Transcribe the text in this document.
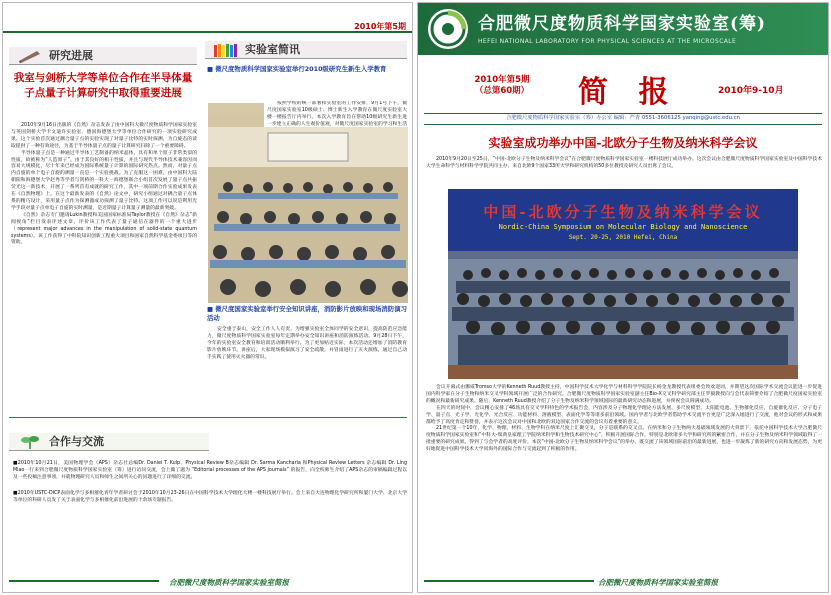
2010年第5期
研究进展
我室与剑桥大学等单位合作在半导体量子点量子计算研究中取得重要进展

2010年9月16日出版的《自然》杂志发表了由中国科大微尺度物质科学国家实验室与英国剑桥大学卡文迪许实验室、德国海德堡大学等单位合作研究的一项实验研究成果。这个实验首次通过耦合量子点的实验实现了对量子比特的实时探测，为自旋态的读取提供了一种有效途径，为基于半导体量子点的量子计算研究扫除了一个重要障碍。

半导体量子点是一种通过半导体工艺制备的纳米晶体，具有和单个原子非常类似的性质，故被称为“人造原子”。由于其良好的相干性质，并且与现代半导体技术兼容因而容易大规模化，尽十年来已经成为国际系统量子计算的国际研究热点。然而，对量子点内自旋的单个电子自旋的测量一直是一个实验挑战。为了克服这一困难，由中国科大陆朝阳和海德堡大学赵秀等学者与剑桥的一科大一海德堡联合小组首次发展了量子点共振荧光这一新技术，开展了一系列首有成就的研究工作，其中一项前期合作实验成果发表在《自然物理》上。在这个最新发表的《自然》论文中，研究小组通过对耦合量子点体系的精巧设计，采用量子点作为探测器成功探测了量子比特。这项工作可以说是利用光学手段对量子点单电子自旋的实时测量，是近期量子计算量子测量的最新突破。

《自然》杂志专门邀请Lukin教授和美国国家标准局Taylor教授在《自然》杂志“新闻视角”栏目发表评述文章，评价该工作代表了量子通信在器件的一个重大进步（represent major advances in the manipulation of solid-state quantum systems）。该工作获得了中科院知识创新工程重大项目和国家自然科学基金委项目等的资助。

实验室简讯
■ 微尺度物质科学国家实验室举行2010级研究生新生入学教育
按照学校的统一部署和实验室的工作安排，9月1号下午，微尺度国家实验室10级硕士、博士新生入学教育在微尺度实验室大楼一楼报告厅内举行。本次入学教育旨在帮助10级研究生新生进一步建立正确的人生观价值观，对微尺度国家实验室的学习和生活
■ 微尺度国家实验室举行安全知识讲座，消防影片放映和现场消防演习活动
安全重于泰山，安全工作人人有责。为增强实验室全体同学的安全意识，提高防范应急能力，微尺度物质科学国家实验室每年定期举办安全知识讲座和消防演练活动。9月28日下午，今年的实验室安全教育和培训活动顺利举行。为了更加贴近实际，本次活动还增加了消防教育影片放映环节。讲座后，大家现场模拟演习了安全疏散，并冒雨进行了灭火演练，通过自己动手实践了使用灭火器的常识。
合作与交流

■2010年10月21日，美国物理学会（APS）杂志社总编Dr. Daniel T. Kulp、Physical Review B杂志编辑 Dr. Sarma Kancharla 和Physical Review Letters 杂志编辑 Dr. Ling Miao一行来到合肥微尺度物质科学国家实验室（筹）进行访问交流，会上做了题为 “Editorial processes of the APS journals” 的报告，向全校师生介绍了APS杂志的审稿编辑过程以及一些投稿注意事项，并就物理研究人员和师生之间所关心的问题进行了详细的交流。

■2010年USTC-DICP表面化学与多相催化青年学者研讨会于2010年10月23-26日在中国科学技术大学理化大楼一楼科技展厅举行。会上来自大连物理化学研究所和厦门大学、北京大学等单位的科研人员发了关于表面化学与多相催化前沿进展的十余场专题报告。

合肥微尺度物质科学国家实验室简报
合肥微尺度物质科学国家实验室(筹)
HEFEI NATIONAL LABORATORY FOR PHYSICAL SCIENCES AT THE MICROSCALE
2010年第5期
（总第60期）	简 报	2010年9-10月
合肥微尺度物质科学国家实验室（筹）办公室 编辑：严青 0551-3606125 yanqing@ustc.edu.cn
实验室成功举办中国-北欧分子生物及纳米科学会议
2010年9月20日至25日，“中国-北欧分子生物及纳米科学会议”在合肥微尺度物质科学国家实验室一楼科技展厅成功举办。这次会议由合肥微尺度物质科学国家实验室及中国科学技术大学生命科学与材料科学学院共同主办，来自北欧9个国家33所大学和研究机构的50多位教授及研究人员出席了会议。
中国-北欧分子生物及纳米科学会议
Nordic-China Symposium on Molecular Biology and Nanoscience
Sept. 20-25, 2010 Hefei, China

会议开幕式由挪威Tromso大学的Kenneth Ruud教授主持，中国科学技术大学化学与材料科学学院院长杨金龙教授代表组委会致欢迎词，并期望这次国际学术交流会议能进一步促进国内科学家在分子生物和纳米交叉学科领域开展广泛的合作研究。合肥微尺度物质科学国家实验室副主任Bio-X交叉科学研究部主任罗毅教授向与会代表简要介绍了合肥微尺度国家实验室的概况和最新研究成果。随后，Kenneth Ruud教授介绍了分子生物及纳米科学领域国际的最新研究动态和进展，并预祝会议圆满成功。

在四天的时间中，会议精心安排了46场具有交叉学科特色的学术报告会，内容涉及分子物理化学理论方法发展、多尺度模型、太阳能电池、生物催化反应、自旋催化反应、分子电子学、量子点、光子学、光化学、光合反应、功能材料、溶液模型、表面化学等等诸多前沿领域。国内学者与北欧学者借助学术交流平台更是广泛深入地进行了交流，他对会议的形式和成果都给予了高度肯定和赞誉，并表示这次会议对中国和北欧的双边国家合作交流的会议有着重要的意义。

21世纪第一个10年，化学、物理、材料、生物学科在纳米尺度上汇聚交叉，分子是联系的交叉点。在纳米和分子生物两大基础领域发展的大背景下，依托中国科学技术大学合肥微尺度物质科学国家实验室和“中科大-瑞典皇家理工学院纳米科学和生物技术研究中心”，积极开展国际合作，特别是北欧诸多大学和研究所的紧密合作，并在分子生物及纳米科学领域取得了一批重要的研究成果。得到了与会学者的高度评价。本次“中国-北欧分子生物及纳米科学会议”的举办，既交流了该领域国际前沿的最新进展，也进一步凝炼了新的研究方向和发展态势，为更好地促进中国科学技术大学同海外的国际合作与交流起到了积极的作用。

合肥微尺度物质科学国家实验室简报
